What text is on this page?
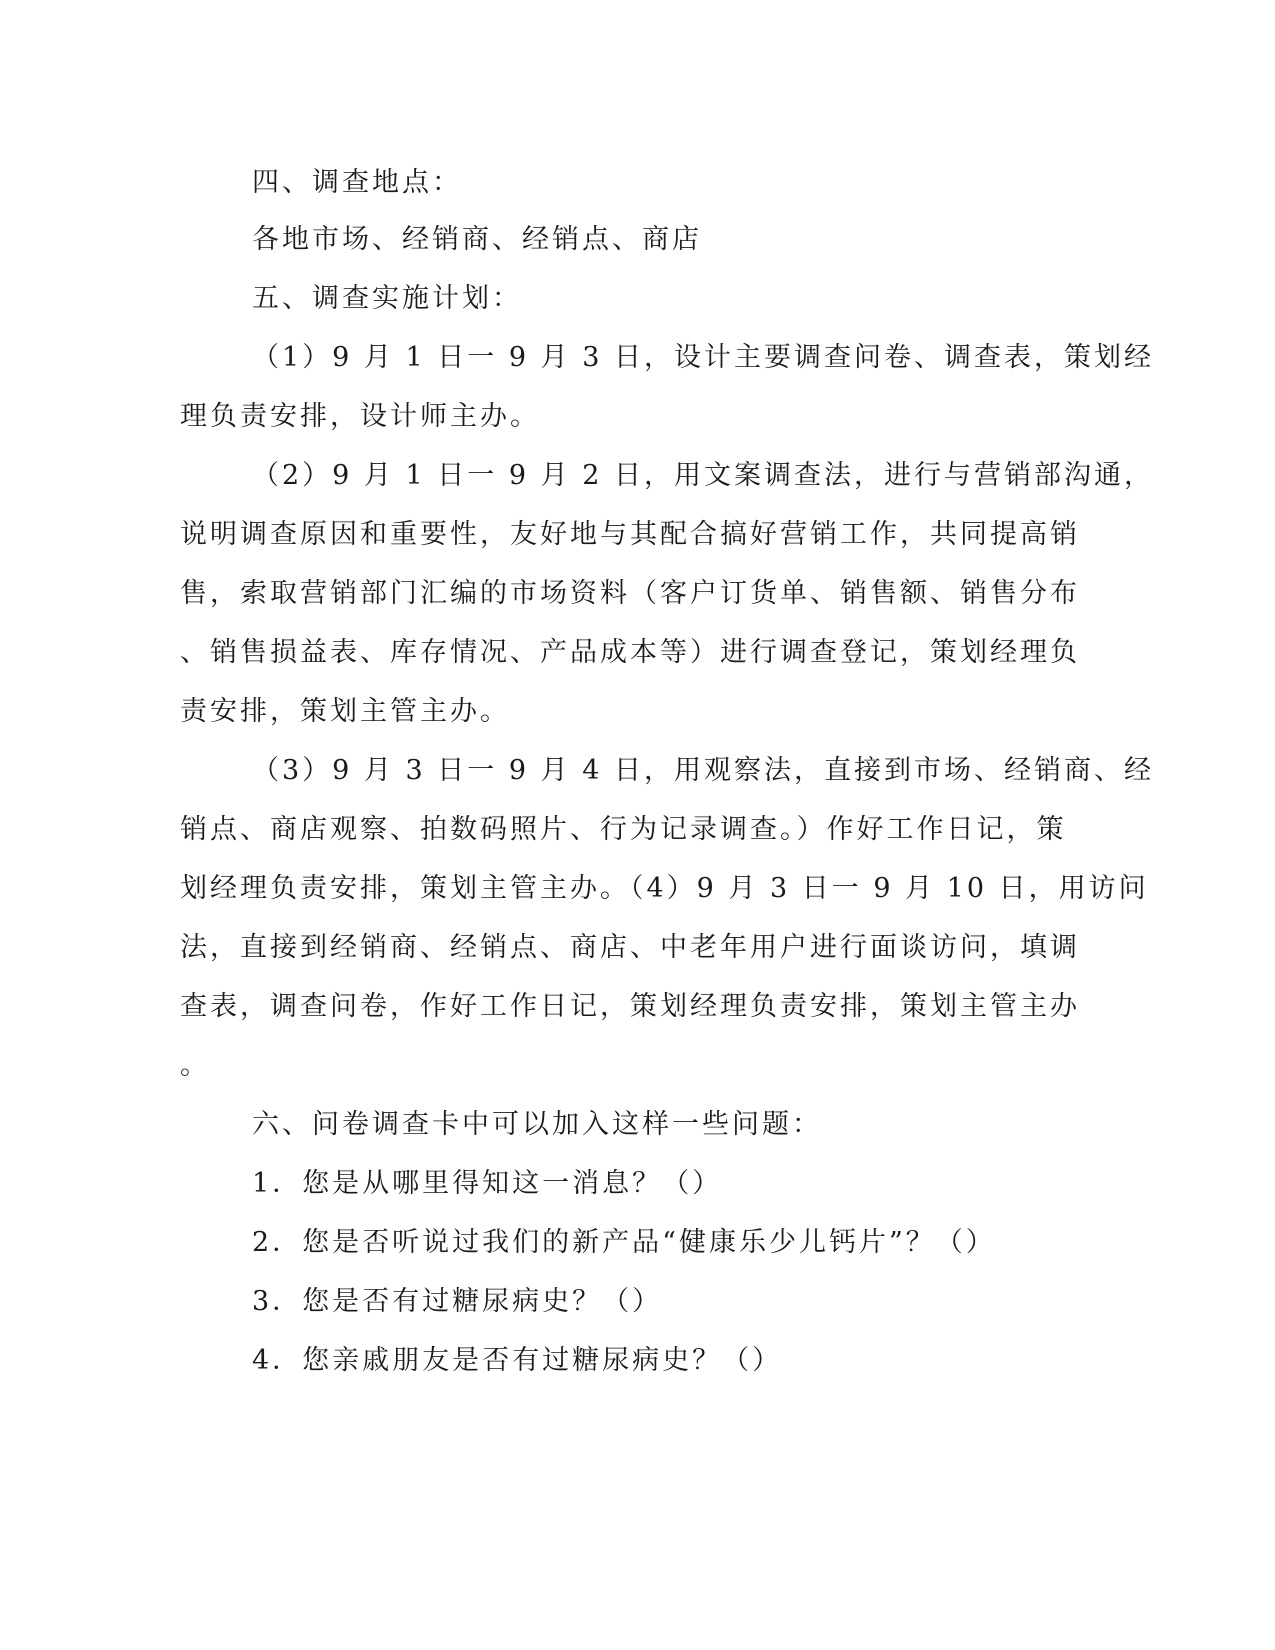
四、调查地点：

各地市场、经销商、经销点、商店

五、调查实施计划：

（1）9 月 1 日一 9 月 3 日，设计主要调查问卷、调查表，策划经

理负责安排，设计师主办。

（2）9 月 1 日一 9 月 2 日，用文案调查法，进行与营销部沟通，

说明调查原因和重要性，友好地与其配合搞好营销工作，共同提高销

售，索取营销部门汇编的市场资料（客户订货单、销售额、销售分布

、销售损益表、库存情况、产品成本等）进行调查登记，策划经理负

责安排，策划主管主办。

（3）9 月 3 日一 9 月 4 日，用观察法，直接到市场、经销商、经

销点、商店观察、拍数码照片、行为记录调查。）作好工作日记，策

划经理负责安排，策划主管主办。（4）9 月 3 日一 9 月 10 日，用访问

法，直接到经销商、经销点、商店、中老年用户进行面谈访问，填调

查表，调查问卷，作好工作日记，策划经理负责安排，策划主管主办

。

六、问卷调查卡中可以加入这样一些问题：

1．您是从哪里得知这一消息？（）

2．您是否听说过我们的新产品“健康乐少儿钙片”？（）

3．您是否有过糖尿病史？（）

4．您亲戚朋友是否有过糖尿病史？（）
